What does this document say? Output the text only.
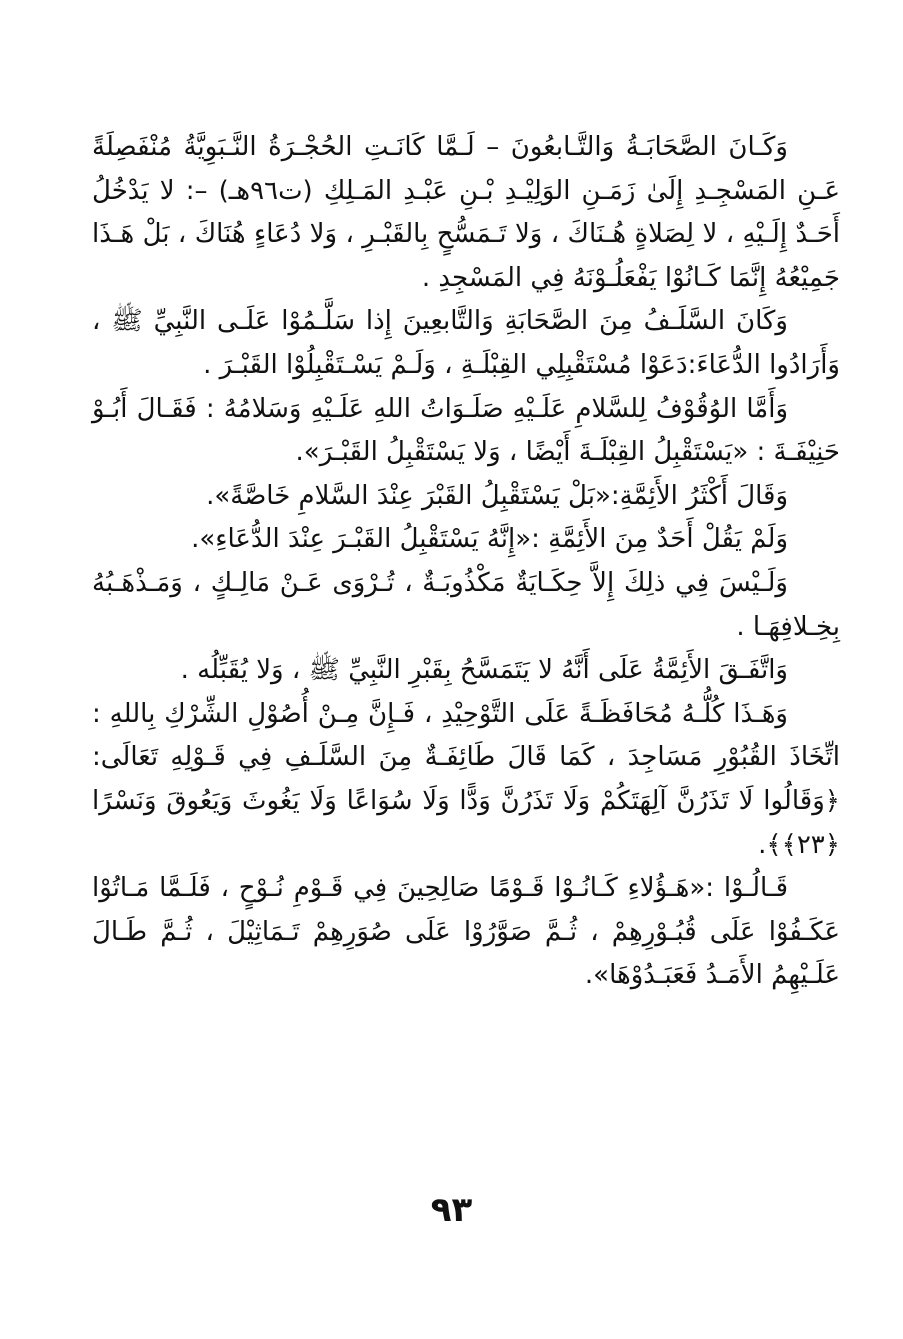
وَكَـانَ الصَّحَابَـةُ وَالتَّـابعُونَ – لَـمَّا كَانَـتِ الحُجْـرَةُ النَّـبَوِيَّةُ مُنْفَصِلَةً عَـنِ المَسْجِـدِ إِلَىٰ زَمَـنِ الوَلِيْـدِ بْـنِ عَبْـدِ المَـلِكِ (ت٩٦هـ) –: لا يَدْخُلُ أَحَـدٌ إِلَـيْهِ ، لا لِصَلاةٍ هُـنَاكَ ، وَلا تَـمَسُّحٍ بِالقَبْـرِ ، وَلا دُعَاءٍ هُنَاكَ ، بَلْ هَـذَا جَمِيْعُهُ إِنَّمَا كَـانُوْا يَفْعَلُـوْنَهُ فِي المَسْجِدِ .

وَكَانَ السَّلَـفُ مِنَ الصَّحَابَةِ وَالتَّابعِينَ إِذا سَلَّـمُوْا عَلَـى النَّبِيِّ ﷺ ، وَأَرَادُوا الدُّعَاءَ:دَعَوْا مُسْتَقْبِلِي القِبْلَـةِ ، وَلَـمْ يَسْـتَقْبِلُوْا القَبْـرَ .

وَأَمَّا الوُقُوْفُ لِلسَّلامِ عَلَـيْهِ صَلَـوَاتُ اللهِ عَلَـيْهِ وَسَلامُهُ : فَقَـالَ أَبُـوْ حَنِيْفَـةَ : «يَسْتَقْبِلُ القِبْلَـةَ أَيْضًا ، وَلا يَسْتَقْبِلُ القَبْـرَ».

وَقَالَ أَكْثَرُ الأَئِمَّةِ:«بَلْ يَسْتَقْبِلُ القَبْرَ عِنْدَ السَّلامِ خَاصَّةً».

وَلَمْ يَقُلْ أَحَدٌ مِنَ الأَئِمَّةِ :«إِنَّهُ يَسْتَقْبِلُ القَبْـرَ عِنْدَ الدُّعَاءِ».

وَلَـيْسَ فِي ذلِكَ إِلاَّ حِكَـايَةٌ مَكْذُوبَـةٌ ، تُـرْوَى عَـنْ مَالِـكٍ ، وَمَـذْهَـبُهُ بِخِـلافِهَـا .

وَاتَّفَـقَ الأَئِمَّةُ عَلَى أَنَّهُ لا يَتَمَسَّحُ بِقَبْرِ النَّبِيِّ ﷺ ، وَلا يُقَبِّلُه .

وَهَـذَا كُلُّـهُ مُحَافَظَـةً عَلَى التَّوْحِيْدِ ، فَـإِنَّ مِـنْ أُصُوْلِ الشِّرْكِ بِاللهِ : اتِّخَاذَ القُبُوْرِ مَسَاجِدَ ، كَمَا قَالَ طَائِفَـةٌ مِنَ السَّلَـفِ فِي قَـوْلِهِ تَعَالَى:﴿وَقَالُوا لَا تَذَرُنَّ آلِهَتَكُمْ وَلَا تَذَرُنَّ وَدًّا وَلَا سُوَاعًا وَلَا يَغُوثَ وَيَعُوقَ وَنَسْرًا ﴿٢٣﴾﴾.

قَـالُـوْا :«هَـؤُلاءِ كَـانُـوْا قَـوْمًا صَالِحِينَ فِي قَـوْمِ نُـوْحٍ ، فَلَـمَّا مَـاتُوْا عَكَـفُوْا عَلَى قُبُـوْرِهِمْ ، ثُـمَّ صَوَّرُوْا عَلَى صُوَرِهِمْ تَـمَاثِيْلَ ، ثُـمَّ طَـالَ عَلَـيْهِمُ الأَمَـدُ فَعَبَـدُوْهَا».

٩٣
